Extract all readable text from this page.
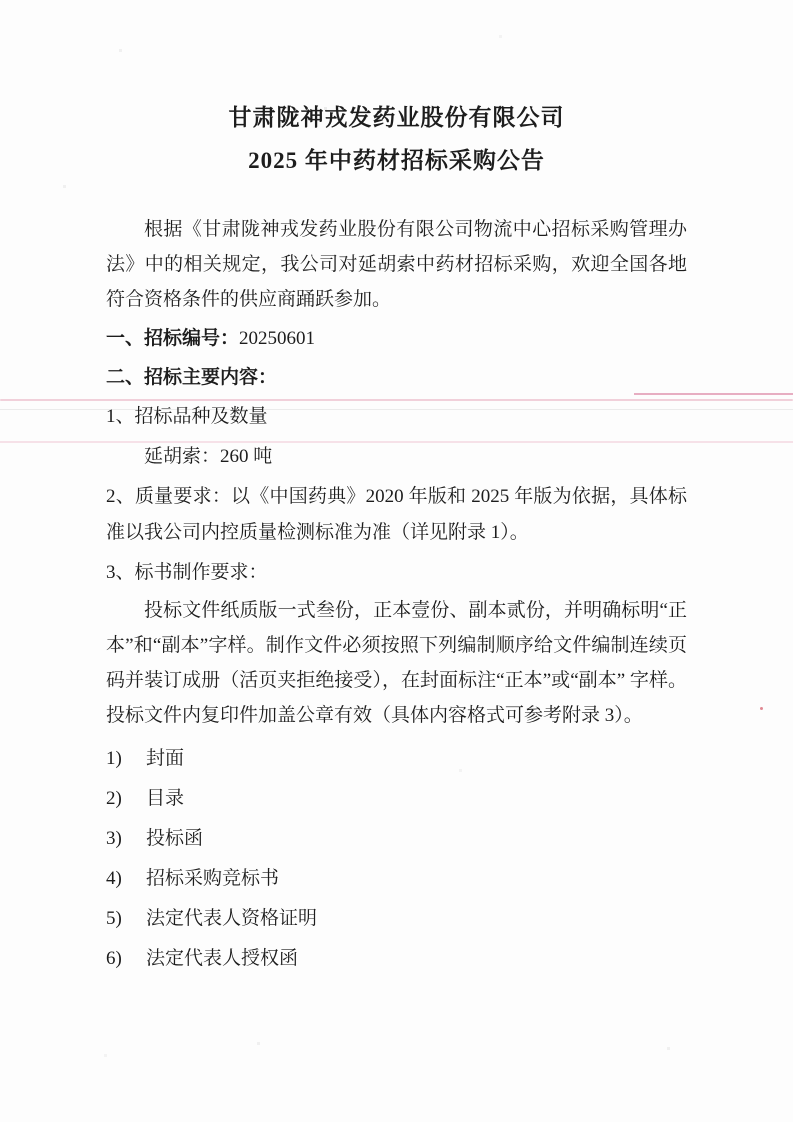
甘肃陇神戎发药业股份有限公司
2025 年中药材招标采购公告

根据《甘肃陇神戎发药业股份有限公司物流中心招标采购管理办法》中的相关规定，我公司对延胡索中药材招标采购，欢迎全国各地符合资格条件的供应商踊跃参加。

一、招标编号：20250601
二、招标主要内容：
1、招标品种及数量
延胡索：260 吨
2、质量要求：以《中国药典》2020 年版和 2025 年版为依据，具体标准以我公司内控质量检测标准为准（详见附录 1）。
3、标书制作要求：

投标文件纸质版一式叁份，正本壹份、副本贰份，并明确标明“正本”和“副本”字样。制作文件必须按照下列编制顺序给文件编制连续页码并装订成册（活页夹拒绝接受），在封面标注“正本”或“副本” 字样。投标文件内复印件加盖公章有效（具体内容格式可参考附录 3）。

1)	封面
2)	目录
3)	投标函
4)	招标采购竞标书
5)	法定代表人资格证明
6)	法定代表人授权函
